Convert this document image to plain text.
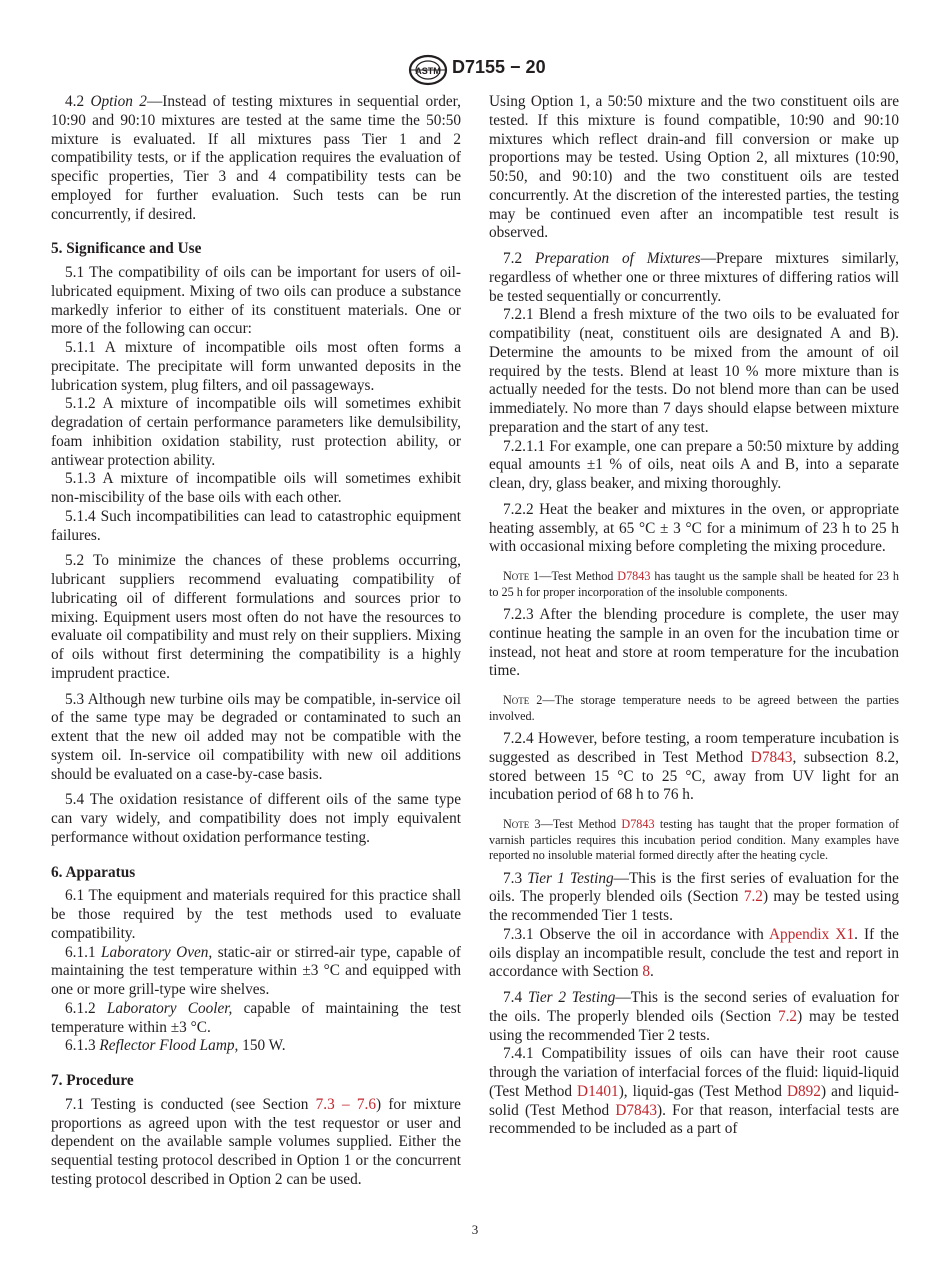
ASTM D7155 − 20

4.2 Option 2—Instead of testing mixtures in sequential order, 10:90 and 90:10 mixtures are tested at the same time the 50:50 mixture is evaluated. If all mixtures pass Tier 1 and 2 compatibility tests, or if the application requires the evaluation of specific properties, Tier 3 and 4 compatibility tests can be employed for further evaluation. Such tests can be run concurrently, if desired.

5. Significance and Use

5.1 The compatibility of oils can be important for users of oil-lubricated equipment. Mixing of two oils can produce a substance markedly inferior to either of its constituent materials. One or more of the following can occur:

5.1.1 A mixture of incompatible oils most often forms a precipitate. The precipitate will form unwanted deposits in the lubrication system, plug filters, and oil passageways.

5.1.2 A mixture of incompatible oils will sometimes exhibit degradation of certain performance parameters like demulsibility, foam inhibition oxidation stability, rust protection ability, or antiwear protection ability.

5.1.3 A mixture of incompatible oils will sometimes exhibit non-miscibility of the base oils with each other.

5.1.4 Such incompatibilities can lead to catastrophic equipment failures.

5.2 To minimize the chances of these problems occurring, lubricant suppliers recommend evaluating compatibility of lubricating oil of different formulations and sources prior to mixing. Equipment users most often do not have the resources to evaluate oil compatibility and must rely on their suppliers. Mixing of oils without first determining the compatibility is a highly imprudent practice.

5.3 Although new turbine oils may be compatible, in-service oil of the same type may be degraded or contaminated to such an extent that the new oil added may not be compatible with the system oil. In-service oil compatibility with new oil additions should be evaluated on a case-by-case basis.

5.4 The oxidation resistance of different oils of the same type can vary widely, and compatibility does not imply equivalent performance without oxidation performance testing.

6. Apparatus

6.1 The equipment and materials required for this practice shall be those required by the test methods used to evaluate compatibility.

6.1.1 Laboratory Oven, static-air or stirred-air type, capable of maintaining the test temperature within ±3 °C and equipped with one or more grill-type wire shelves.

6.1.2 Laboratory Cooler, capable of maintaining the test temperature within ±3 °C.

6.1.3 Reflector Flood Lamp, 150 W.

7. Procedure

7.1 Testing is conducted (see Section 7.3 – 7.6) for mixture proportions as agreed upon with the test requestor or user and dependent on the available sample volumes supplied. Either the sequential testing protocol described in Option 1 or the concurrent testing protocol described in Option 2 can be used.

Using Option 1, a 50:50 mixture and the two constituent oils are tested. If this mixture is found compatible, 10:90 and 90:10 mixtures which reflect drain-and fill conversion or make up proportions may be tested. Using Option 2, all mixtures (10:90, 50:50, and 90:10) and the two constituent oils are tested concurrently. At the discretion of the interested parties, the testing may be continued even after an incompatible test result is observed.

7.2 Preparation of Mixtures—Prepare mixtures similarly, regardless of whether one or three mixtures of differing ratios will be tested sequentially or concurrently.

7.2.1 Blend a fresh mixture of the two oils to be evaluated for compatibility (neat, constituent oils are designated A and B). Determine the amounts to be mixed from the amount of oil required by the tests. Blend at least 10 % more mixture than is actually needed for the tests. Do not blend more than can be used immediately. No more than 7 days should elapse between mixture preparation and the start of any test.

7.2.1.1 For example, one can prepare a 50:50 mixture by adding equal amounts ±1 % of oils, neat oils A and B, into a separate clean, dry, glass beaker, and mixing thoroughly.

7.2.2 Heat the beaker and mixtures in the oven, or appropriate heating assembly, at 65 °C ± 3 °C for a minimum of 23 h to 25 h with occasional mixing before completing the mixing procedure.

Note 1—Test Method D7843 has taught us the sample shall be heated for 23 h to 25 h for proper incorporation of the insoluble components.

7.2.3 After the blending procedure is complete, the user may continue heating the sample in an oven for the incubation time or instead, not heat and store at room temperature for the incubation time.

Note 2—The storage temperature needs to be agreed between the parties involved.

7.2.4 However, before testing, a room temperature incubation is suggested as described in Test Method D7843, subsection 8.2, stored between 15 °C to 25 °C, away from UV light for an incubation period of 68 h to 76 h.

Note 3—Test Method D7843 testing has taught that the proper formation of varnish particles requires this incubation period condition. Many examples have reported no insoluble material formed directly after the heating cycle.

7.3 Tier 1 Testing—This is the first series of evaluation for the oils. The properly blended oils (Section 7.2) may be tested using the recommended Tier 1 tests.

7.3.1 Observe the oil in accordance with Appendix X1. If the oils display an incompatible result, conclude the test and report in accordance with Section 8.

7.4 Tier 2 Testing—This is the second series of evaluation for the oils. The properly blended oils (Section 7.2) may be tested using the recommended Tier 2 tests.

7.4.1 Compatibility issues of oils can have their root cause through the variation of interfacial forces of the fluid: liquid-liquid (Test Method D1401), liquid-gas (Test Method D892) and liquid-solid (Test Method D7843). For that reason, interfacial tests are recommended to be included as a part of

3
